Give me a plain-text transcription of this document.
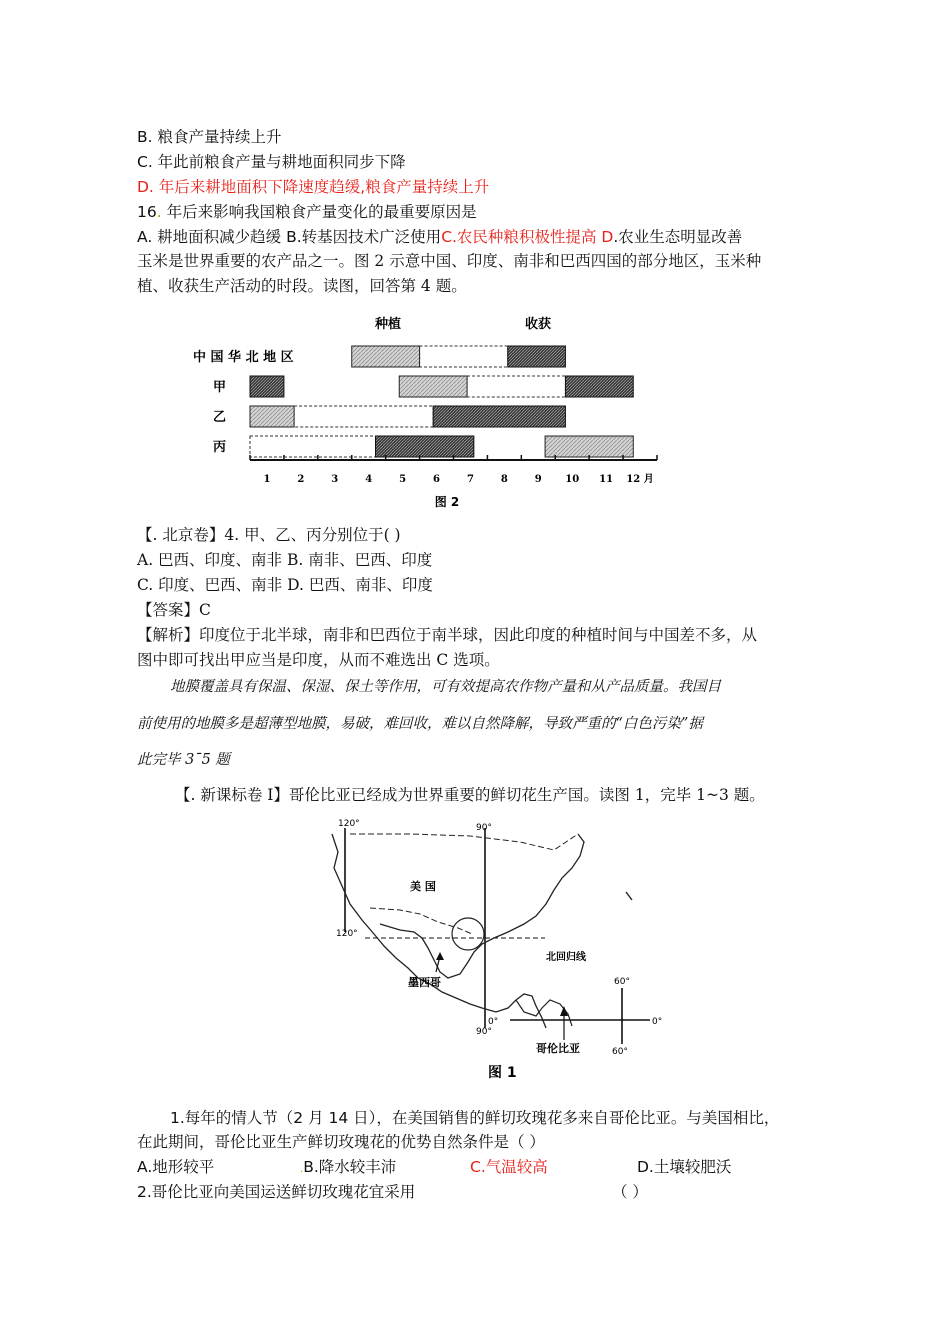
B. 粮食产量持续上升
C. 年此前粮食产量与耕地面积同步下降
D. 年后来耕地面积下降速度趋缓,粮食产量持续上升
16. 年后来影响我国粮食产量变化的最重要原因是
A. 耕地面积减少趋缓 B.转基因技术广泛使用C.农民种粮积极性提高 D.农业生态明显改善
玉米是世界重要的农产品之一。图 2 示意中国、印度、南非和巴西四国的部分地区，玉米种
植、收获生产活动的时段。读图，回答第 4 题。
种植	收获
中 国 华 北 地 区
甲
乙
丙
1	2	3	4	5	6	7	8	9 10 11 12 月
图 2
【. 北京卷】4. 甲、乙、丙分别位于( )
A. 巴西、印度、南非 B. 南非、巴西、印度
C. 印度、巴西、南非 D. 巴西、南非、印度
【答案】C
【解析】印度位于北半球，南非和巴西位于南半球，因此印度的种植时间与中国差不多，从
图中即可找出甲应当是印度，从而不难选出 C 选项。
地膜覆盖具有保温、保湿、保土等作用，可有效提高农作物产量和从产品质量。我国目
前使用的地膜多是超薄型地膜，易破，难回收，难以自然降解，导致严重的“白色污染”据
此完毕 3¯5 题
【. 新课标卷 I】哥伦比亚已经成为世界重要的鲜切花生产国。读图 1，完毕 1~3 题。
120°	90°
120°
90°
60°
60°
0°	0°
美 国
北回归线
墨西哥
哥伦比亚
图 1
1.每年的情人节（2 月 14 日），在美国销售的鲜切玫瑰花多来自哥伦比亚。与美国相比，
在此期间，哥伦比亚生产鲜切玫瑰花的优势自然条件是（ ）
A.地形较平	.B.降水较丰沛	C.气温较高	D.土壤较肥沃
2.哥伦比亚向美国运送鲜切玫瑰花宜采用	（ ）
